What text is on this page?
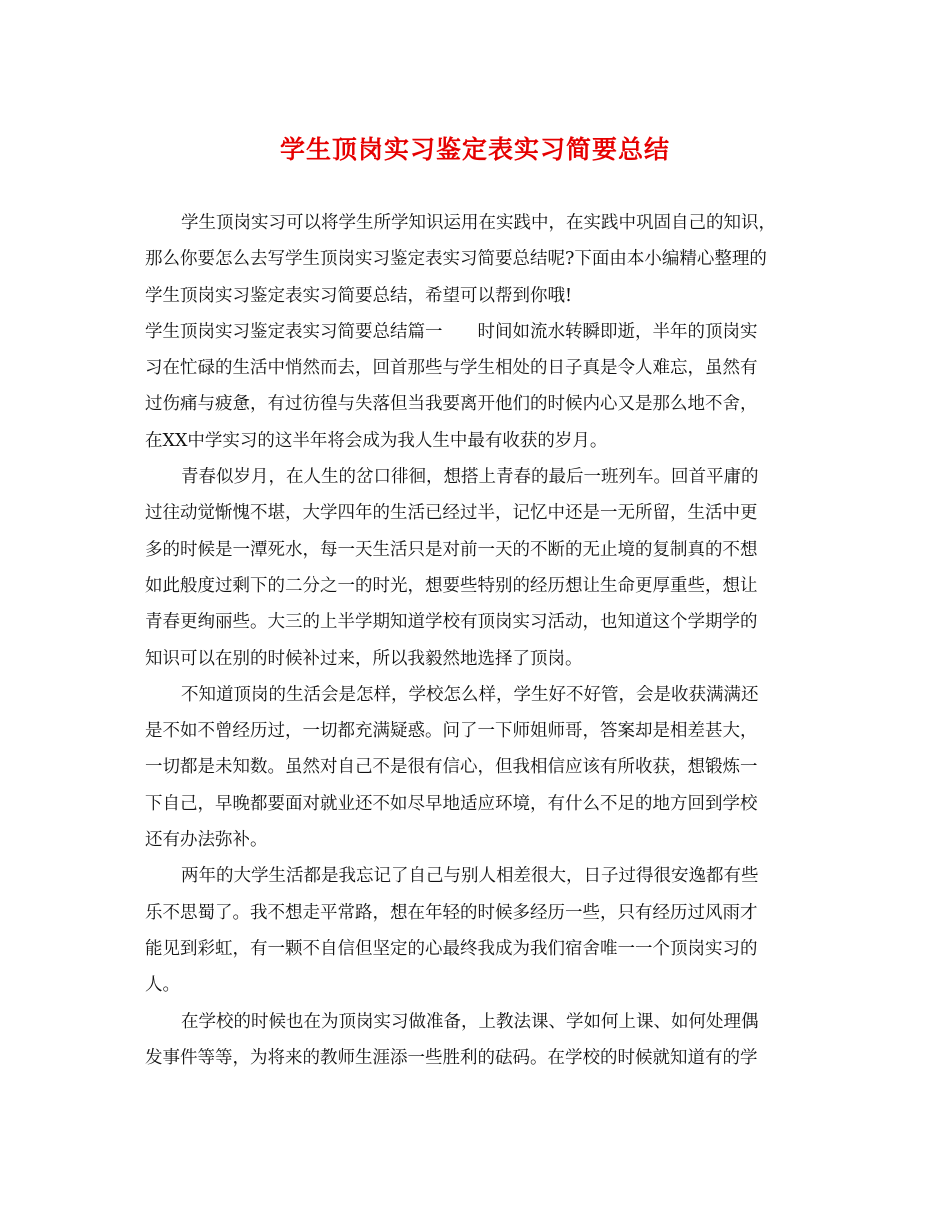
学生顶岗实习鉴定表实习简要总结
学生顶岗实习可以将学生所学知识运用在实践中，在实践中巩固自己的知识，
那么你要怎么去写学生顶岗实习鉴定表实习简要总结呢?下面由本小编精心整理的
学生顶岗实习鉴定表实习简要总结，希望可以帮到你哦!
学生顶岗实习鉴定表实习简要总结篇一　　时间如流水转瞬即逝，半年的顶岗实
习在忙碌的生活中悄然而去，回首那些与学生相处的日子真是令人难忘，虽然有
过伤痛与疲惫，有过彷徨与失落但当我要离开他们的时候内心又是那么地不舍，
在XX中学实习的这半年将会成为我人生中最有收获的岁月。
青春似岁月，在人生的岔口徘徊，想搭上青春的最后一班列车。回首平庸的
过往动觉惭愧不堪，大学四年的生活已经过半，记忆中还是一无所留，生活中更
多的时候是一潭死水，每一天生活只是对前一天的不断的无止境的复制真的不想
如此般度过剩下的二分之一的时光，想要些特别的经历想让生命更厚重些，想让
青春更绚丽些。大三的上半学期知道学校有顶岗实习活动，也知道这个学期学的
知识可以在别的时候补过来，所以我毅然地选择了顶岗。
不知道顶岗的生活会是怎样，学校怎么样，学生好不好管，会是收获满满还
是不如不曾经历过，一切都充满疑惑。问了一下师姐师哥，答案却是相差甚大，
一切都是未知数。虽然对自己不是很有信心，但我相信应该有所收获，想锻炼一
下自己，早晚都要面对就业还不如尽早地适应环境，有什么不足的地方回到学校
还有办法弥补。
两年的大学生活都是我忘记了自己与别人相差很大，日子过得很安逸都有些
乐不思蜀了。我不想走平常路，想在年轻的时候多经历一些，只有经历过风雨才
能见到彩虹，有一颗不自信但坚定的心最终我成为我们宿舍唯一一个顶岗实习的
人。
在学校的时候也在为顶岗实习做准备，上教法课、学如何上课、如何处理偶
发事件等等，为将来的教师生涯添一些胜利的砝码。在学校的时候就知道有的学
